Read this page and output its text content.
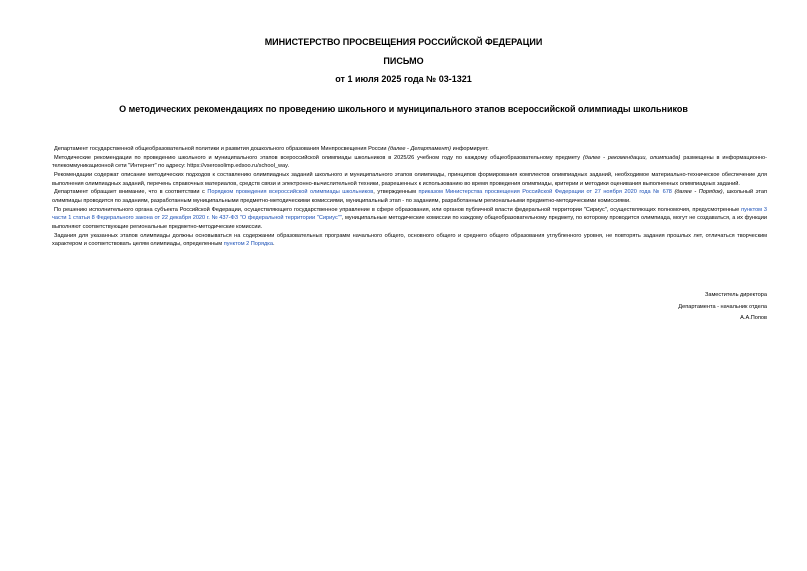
МИНИСТЕРСТВО ПРОСВЕЩЕНИЯ РОССИЙСКОЙ ФЕДЕРАЦИИ
ПИСЬМО
от 1 июля 2025 года № 03-1321
О методических рекомендациях по проведению школьного и муниципального этапов всероссийской олимпиады школьников

Департамент государственной общеобразовательной политики и развития дошкольного образования Минпросвещения России (далее - Департамент) информирует.

Методические рекомендации по проведению школьного и муниципального этапов всероссийской олимпиады школьников в 2025/26 учебном году по каждому общеобразовательному предмету (далее - рекомендации, олимпиада) размещены в информационно-телекоммуникационной сети "Интернет" по адресу: https://vserosolimp.edsoo.ru/school_way.

Рекомендации содержат описание методических подходов к составлению олимпиадных заданий школьного и муниципального этапов олимпиады, принципов формирования комплектов олимпиадных заданий, необходимое материально-техническое обеспечение для выполнения олимпиадных заданий, перечень справочных материалов, средств связи и электронно-вычислительной техники, разрешенных к использованию во время проведения олимпиады, критерии и методики оценивания выполненных олимпиадных заданий.

Департамент обращает внимание, что в соответствии с Порядком проведения всероссийской олимпиады школьников, утвержденным приказом Министерства просвещения Российской Федерации от 27 ноября 2020 года № 678 (далее - Порядок), школьный этап олимпиады проводится по заданиям, разработанным муниципальными предметно-методическими комиссиями, муниципальный этап - по заданиям, разработанным региональными предметно-методическими комиссиями.

По решению исполнительного органа субъекта Российской Федерации, осуществляющего государственное управление в сфере образования, или органов публичной власти федеральной территории "Сириус", осуществляющих полномочия, предусмотренные пунктом 3 части 1 статьи 8 Федерального закона от 22 декабря 2020 г. № 437-ФЗ "О федеральной территории "Сириус"", муниципальные методические комиссии по каждому общеобразовательному предмету, по которому проводится олимпиада, могут не создаваться, а их функции выполняют соответствующие региональные предметно-методические комиссии.

Задания для указанных этапов олимпиады должны основываться на содержании образовательных программ начального общего, основного общего и среднего общего образования углубленного уровня, не повторять задания прошлых лет, отличаться творческим характером и соответствовать целям олимпиады, определенным пунктом 2 Порядка.

Заместитель директора
Департамента - начальник отдела
А.А.Попов
